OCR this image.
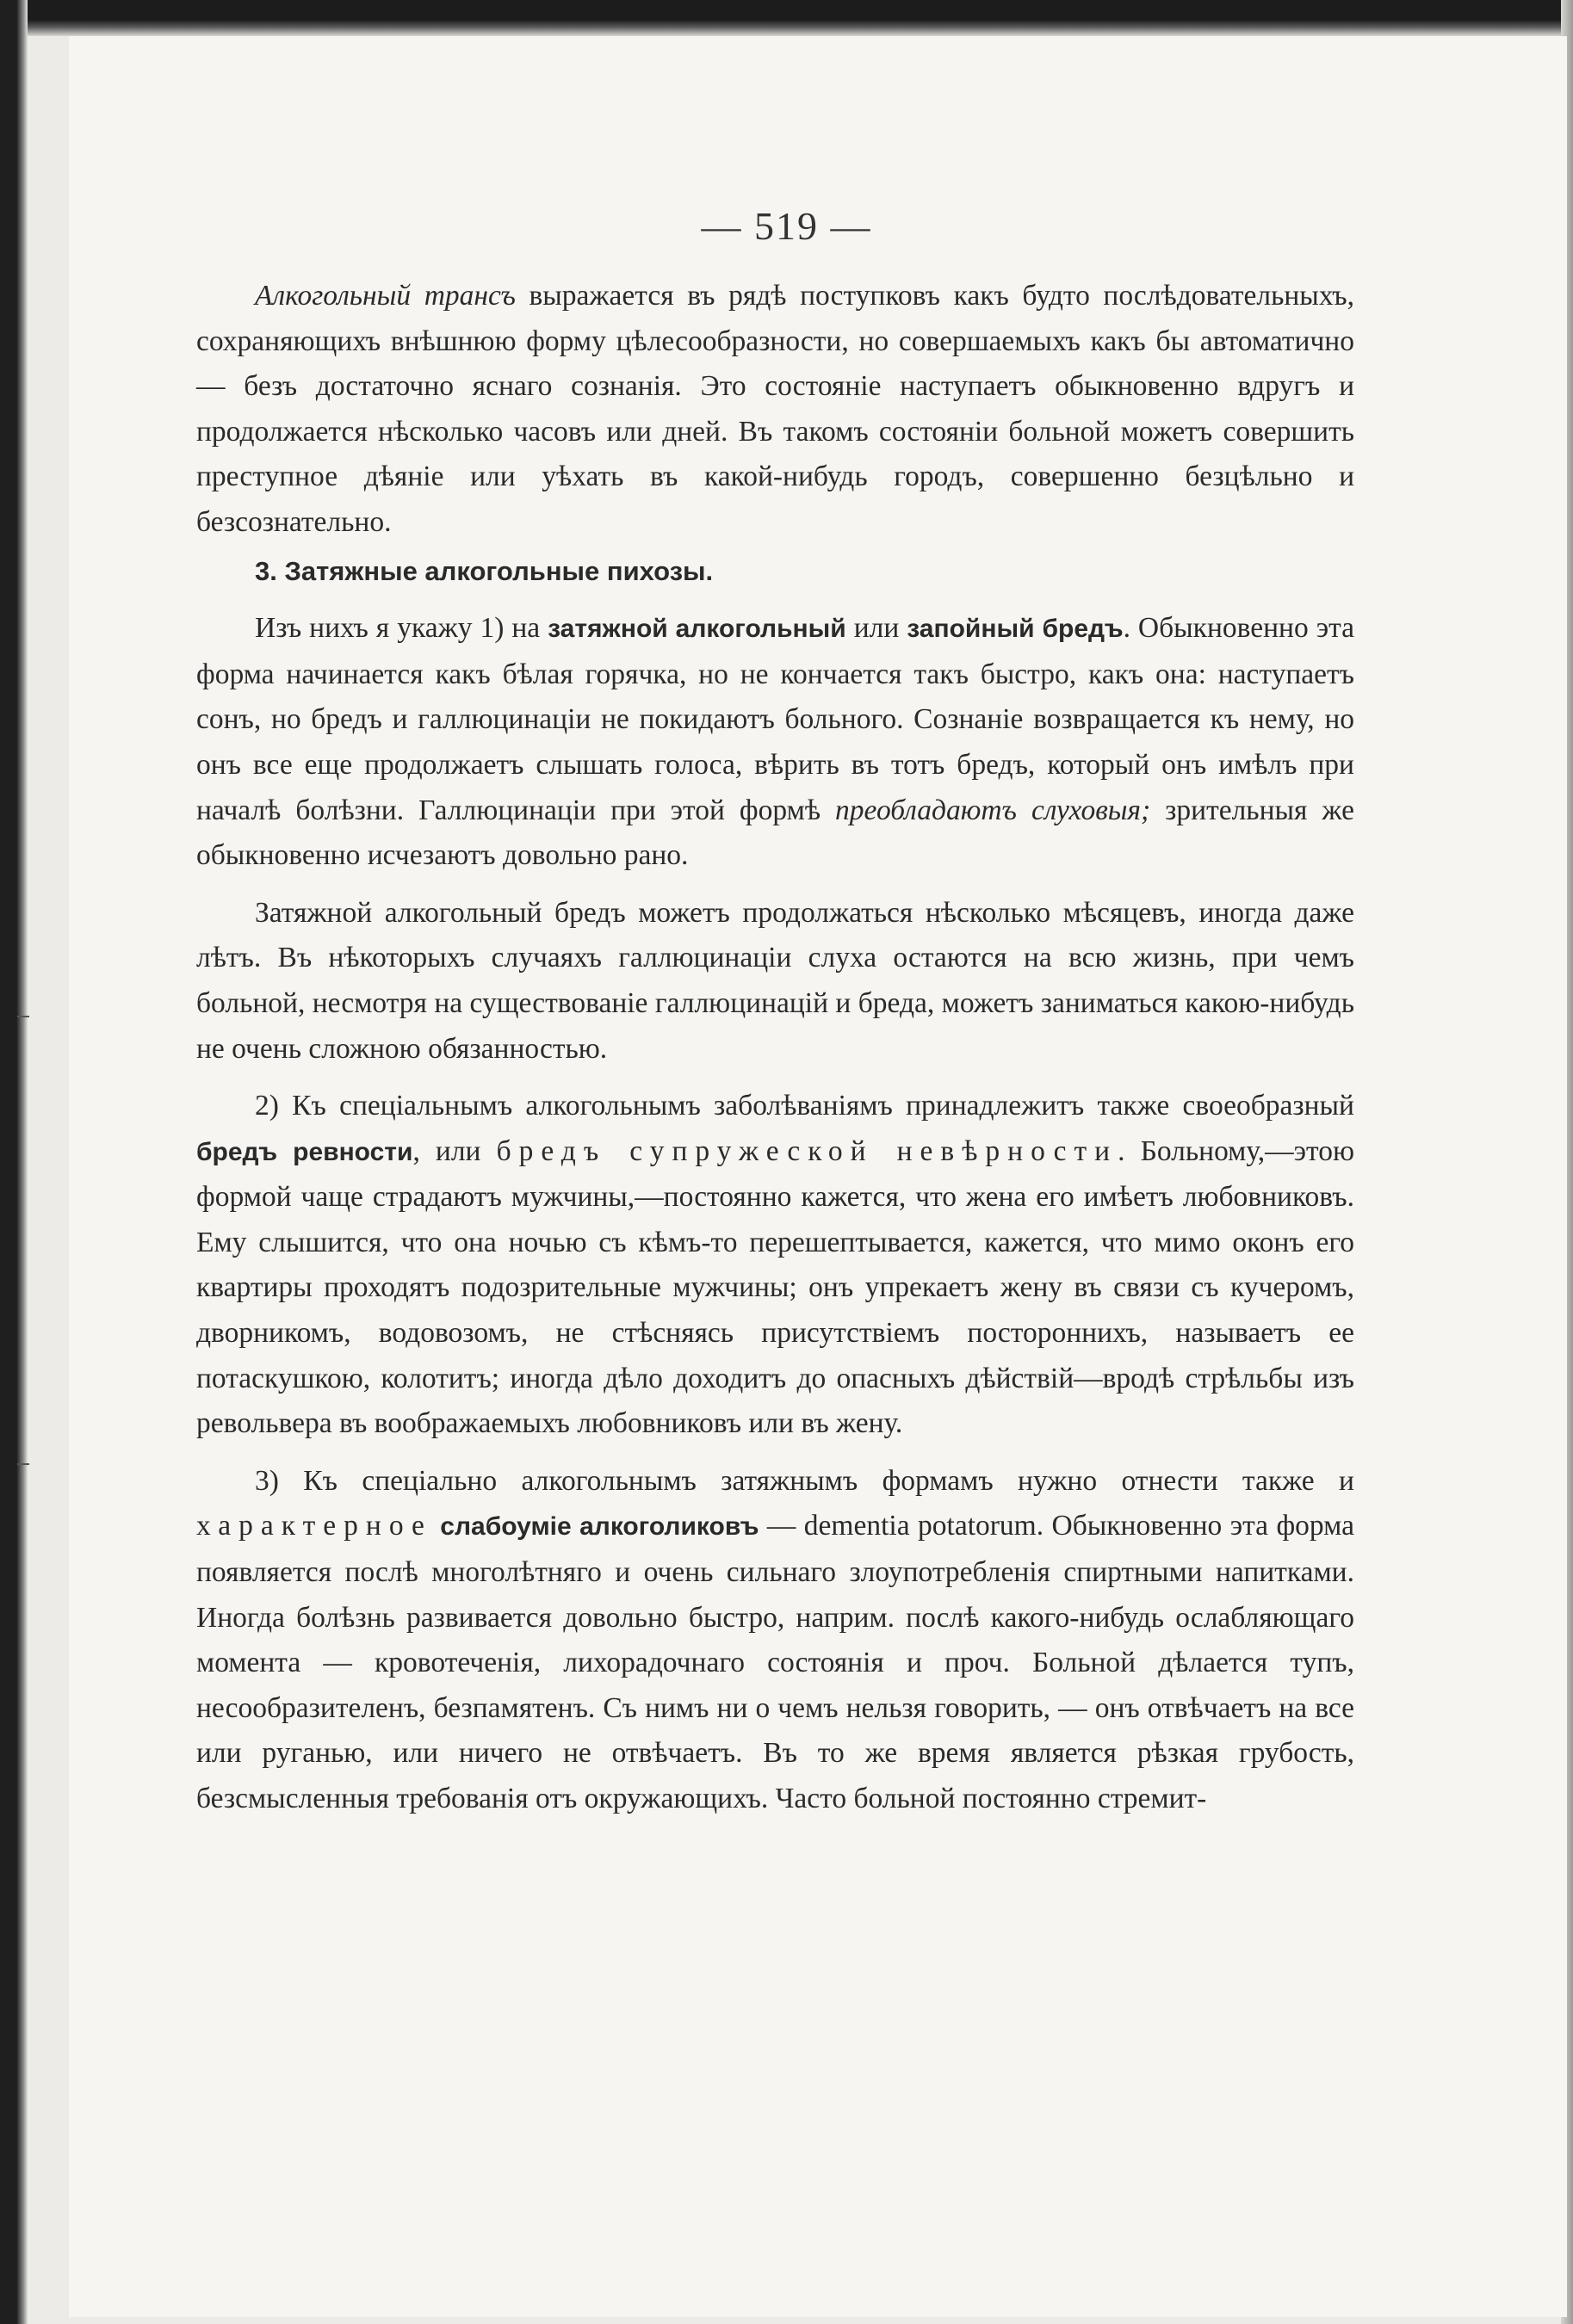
— 519 —

Алкогольный трансъ выражается въ рядѣ поступковъ какъ будто послѣдовательныхъ, сохраняющихъ внѣшнюю форму цѣлесообразности, но совершаемыхъ какъ бы автоматично — безъ достаточно яснаго сознанія. Это состояніе наступаетъ обыкновенно вдругъ и продолжается нѣсколько часовъ или дней. Въ такомъ состояніи больной можетъ совершить преступное дѣяніе или уѣхать въ какой-нибудь городъ, совершенно безцѣльно и безсознательно.

3. Затяжные алкогольные пихозы.

Изъ нихъ я укажу 1) на затяжной алкогольный или запойный бредъ. Обыкновенно эта форма начинается какъ бѣлая горячка, но не кончается такъ быстро, какъ она: наступаетъ сонъ, но бредъ и галлюцинаціи не покидаютъ больного. Сознаніе возвращается къ нему, но онъ все еще продолжаетъ слышать голоса, вѣрить въ тотъ бредъ, который онъ имѣлъ при началѣ болѣзни. Галлюцинаціи при этой формѣ преобладаютъ слуховыя; зрительныя же обыкновенно исчезаютъ довольно рано.

Затяжной алкогольный бредъ можетъ продолжаться нѣсколько мѣсяцевъ, иногда даже лѣтъ. Въ нѣкоторыхъ случаяхъ галлюцинаціи слуха остаются на всю жизнь, при чемъ больной, несмотря на существованіе галлюцинацій и бреда, можетъ заниматься какою-нибудь не очень сложною обязанностью.

2) Къ спеціальнымъ алкогольнымъ заболѣваніямъ принадлежитъ также своеобразный бредъ ревности, или бредъ супружеской невѣрности. Больному,—этою формой чаще страдаютъ мужчины,—постоянно кажется, что жена его имѣетъ любовниковъ. Ему слышится, что она ночью съ кѣмъ-то перешептывается, кажется, что мимо оконъ его квартиры проходятъ подозрительные мужчины; онъ упрекаетъ жену въ связи съ кучеромъ, дворникомъ, водовозомъ, не стѣсняясь присутствіемъ постороннихъ, называетъ ее потаскушкою, колотитъ; иногда дѣло доходитъ до опасныхъ дѣйствій—вродѣ стрѣльбы изъ револьвера въ воображаемыхъ любовниковъ или въ жену.

3) Къ спеціально алкогольнымъ затяжнымъ формамъ нужно отнести также и характерное слабоуміе алкоголиковъ — dementia potatorum. Обыкновенно эта форма появляется послѣ многолѣтняго и очень сильнаго злоупотребленія спиртными напитками. Иногда болѣзнь развивается довольно быстро, наприм. послѣ какого-нибудь ослабляющаго момента — кровотеченія, лихорадочнаго состоянія и проч. Больной дѣлается тупъ, несообразителенъ, безпамятенъ. Съ нимъ ни о чемъ нельзя говорить, — онъ отвѣчаетъ на все или руганью, или ничего не отвѣчаетъ. Въ то же время является рѣзкая грубость, безсмысленныя требованія отъ окружающихъ. Часто больной постоянно стремит-
